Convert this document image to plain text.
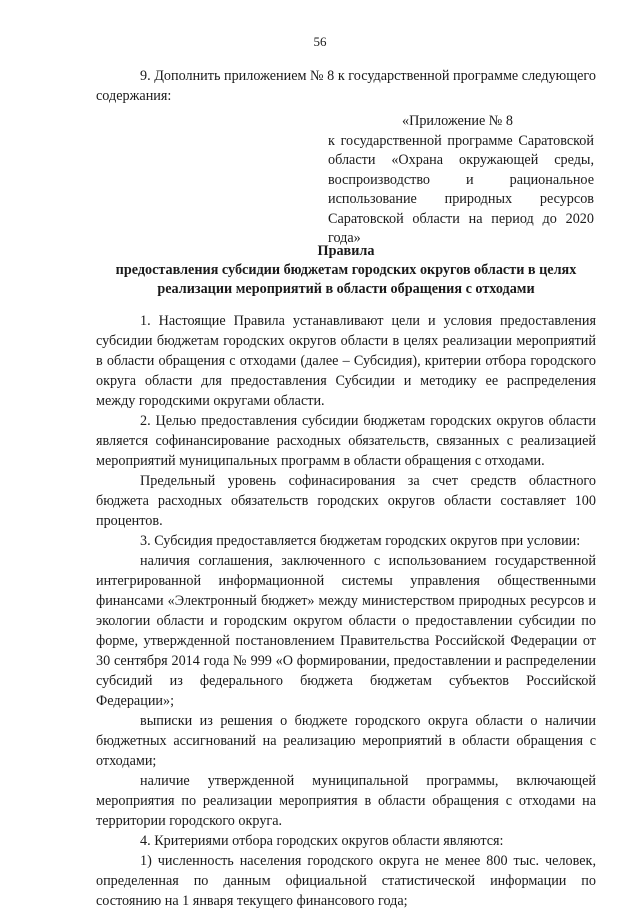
56
9. Дополнить приложением № 8 к государственной программе следующего содержания:
«Приложение № 8
к государственной программе Саратовской области «Охрана окружающей среды, воспроизводство и рациональное использование природных ресурсов Саратовской области на период до 2020 года»
Правила
предоставления субсидии бюджетам городских округов области в целях реализации мероприятий в области обращения с отходами

1. Настоящие Правила устанавливают цели и условия предоставления субсидии бюджетам городских округов области в целях реализации мероприятий в области обращения с отходами (далее – Субсидия), критерии отбора городского округа области для предоставления Субсидии и методику ее распределения между городскими округами области.

2. Целью предоставления субсидии бюджетам городских округов области является софинансирование расходных обязательств, связанных с реализацией мероприятий муниципальных программ в области обращения с отходами.

Предельный уровень софинасирования за счет средств областного бюджета расходных обязательств городских округов области составляет 100 процентов.

3. Субсидия предоставляется бюджетам городских округов при условии:

наличия соглашения, заключенного с использованием государственной интегрированной информационной системы управления общественными финансами «Электронный бюджет» между министерством природных ресурсов и экологии области и городским округом области о предоставлении субсидии по форме, утвержденной постановлением Правительства Российской Федерации от 30 сентября 2014 года № 999 «О формировании, предоставлении и распределении субсидий из федерального бюджета бюджетам субъектов Российской Федерации»;

выписки из решения о бюджете городского округа области о наличии бюджетных ассигнований на реализацию мероприятий в области обращения с отходами;

наличие утвержденной муниципальной программы, включающей мероприятия по реализации мероприятия в области обращения с отходами на территории городского округа.

4. Критериями отбора городских округов области являются:

1) численность населения городского округа не менее 800 тыс. человек, определенная по данным официальной статистической информации по состоянию на 1 января текущего финансового года;
